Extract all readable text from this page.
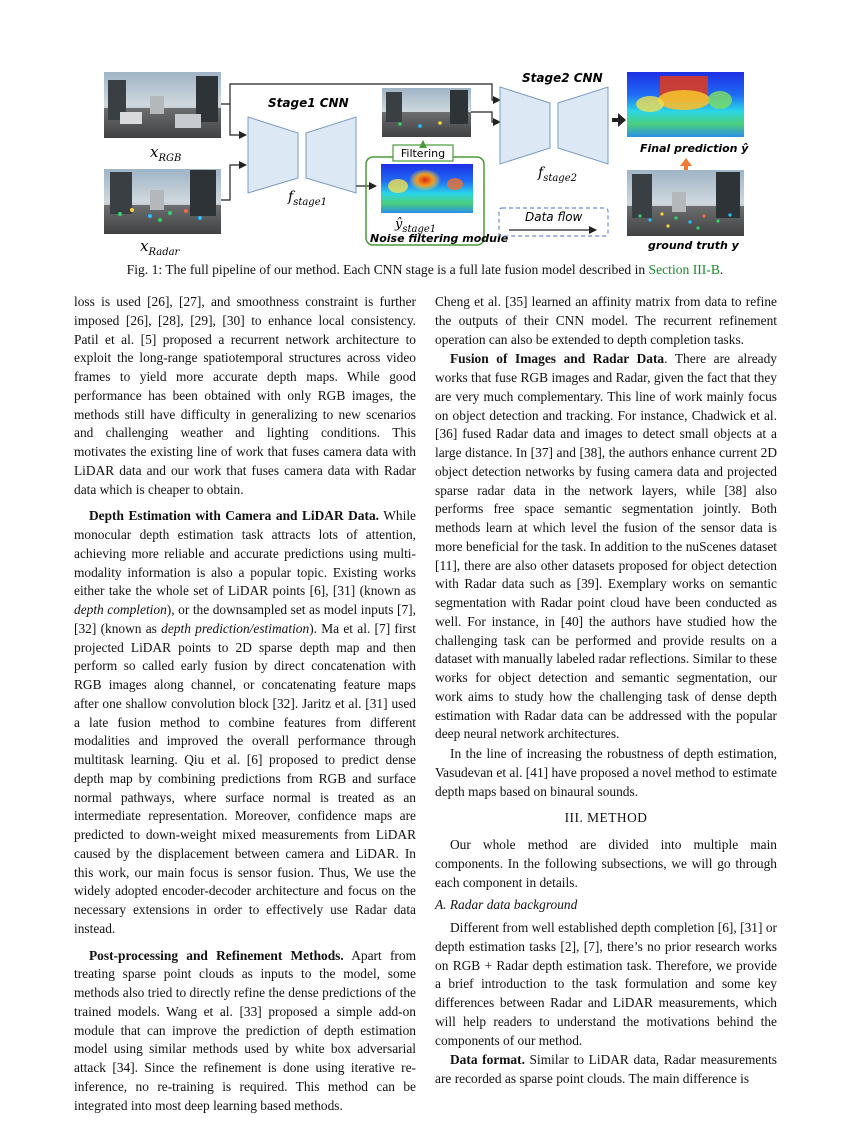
$x_{RGB}$
$x_{Radar}$
Stage1 CNN
$f_{stage1}$
$ŷ_{stage1}$
Noise filtering module
Filtering
Stage2 CNN
$f_{stage2}$
Final prediction ŷ
ground truth y
Data flow
Fig. 1: The full pipeline of our method. Each CNN stage is a full late fusion model described in Section III-B.

loss is used [26], [27], and smoothness constraint is further imposed [26], [28], [29], [30] to enhance local consistency. Patil et al. [5] proposed a recurrent network architecture to exploit the long-range spatiotemporal structures across video frames to yield more accurate depth maps. While good performance has been obtained with only RGB images, the methods still have difficulty in generalizing to new scenarios and challenging weather and lighting conditions. This motivates the existing line of work that fuses camera data with LiDAR data and our work that fuses camera data with Radar data which is cheaper to obtain.

Depth Estimation with Camera and LiDAR Data. While monocular depth estimation task attracts lots of attention, achieving more reliable and accurate predictions using multi-modality information is also a popular topic. Existing works either take the whole set of LiDAR points [6], [31] (known as depth completion), or the downsampled set as model inputs [7], [32] (known as depth prediction/estimation). Ma et al. [7] first projected LiDAR points to 2D sparse depth map and then perform so called early fusion by direct concatenation with RGB images along channel, or concatenating feature maps after one shallow convolution block [32]. Jaritz et al. [31] used a late fusion method to combine features from different modalities and improved the overall performance through multitask learning. Qiu et al. [6] proposed to predict dense depth map by combining predictions from RGB and surface normal pathways, where surface normal is treated as an intermediate representation. Moreover, confidence maps are predicted to down-weight mixed measurements from LiDAR caused by the displacement between camera and LiDAR. In this work, our main focus is sensor fusion. Thus, We use the widely adopted encoder-decoder architecture and focus on the necessary extensions in order to effectively use Radar data instead.

Post-processing and Refinement Methods. Apart from treating sparse point clouds as inputs to the model, some methods also tried to directly refine the dense predictions of the trained models. Wang et al. [33] proposed a simple add-on module that can improve the prediction of depth estimation model using similar methods used by white box adversarial attack [34]. Since the refinement is done using iterative re-inference, no re-training is required. This method can be integrated into most deep learning based methods.

Cheng et al. [35] learned an affinity matrix from data to refine the outputs of their CNN model. The recurrent refinement operation can also be extended to depth completion tasks.

Fusion of Images and Radar Data. There are already works that fuse RGB images and Radar, given the fact that they are very much complementary. This line of work mainly focus on object detection and tracking. For instance, Chadwick et al. [36] fused Radar data and images to detect small objects at a large distance. In [37] and [38], the authors enhance current 2D object detection networks by fusing camera data and projected sparse radar data in the network layers, while [38] also performs free space semantic segmentation jointly. Both methods learn at which level the fusion of the sensor data is more beneficial for the task. In addition to the nuScenes dataset [11], there are also other datasets proposed for object detection with Radar data such as [39]. Exemplary works on semantic segmentation with Radar point cloud have been conducted as well. For instance, in [40] the authors have studied how the challenging task can be performed and provide results on a dataset with manually labeled radar reflections. Similar to these works for object detection and semantic segmentation, our work aims to study how the challenging task of dense depth estimation with Radar data can be addressed with the popular deep neural network architectures.

In the line of increasing the robustness of depth estimation, Vasudevan et al. [41] have proposed a novel method to estimate depth maps based on binaural sounds.

III. METHOD

Our whole method are divided into multiple main components. In the following subsections, we will go through each component in details.

A. Radar data background

Different from well established depth completion [6], [31] or depth estimation tasks [2], [7], there’s no prior research works on RGB + Radar depth estimation task. Therefore, we provide a brief introduction to the task formulation and some key differences between Radar and LiDAR measurements, which will help readers to understand the motivations behind the components of our method.

Data format. Similar to LiDAR data, Radar measurements are recorded as sparse point clouds. The main difference is
